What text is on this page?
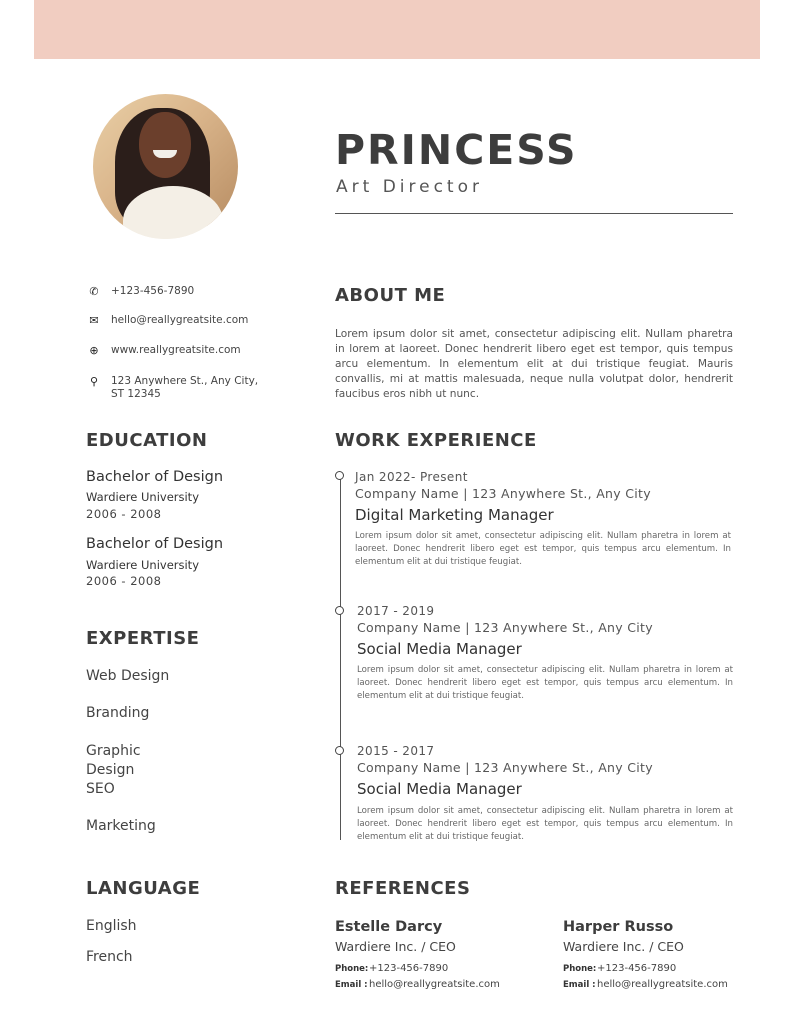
PRINCESS
Art Director
✆ +123-456-7890
✉ hello@reallygreatsite.com
⊕ www.reallygreatsite.com
⚲ 123 Anywhere St., Any City, ST 12345
ABOUT ME
Lorem ipsum dolor sit amet, consectetur adipiscing elit. Nullam pharetra in lorem at laoreet. Donec hendrerit libero eget est tempor, quis tempus arcu elementum. In elementum elit at dui tristique feugiat. Mauris convallis, mi at mattis malesuada, neque nulla volutpat dolor, hendrerit faucibus eros nibh ut nunc.
EDUCATION
Bachelor of Design
Wardiere University
2006 - 2008
Bachelor of Design
Wardiere University
2006 - 2008
EXPERTISE
Web Design
Branding
Graphic Design
SEO
Marketing
LANGUAGE
English
French
WORK EXPERIENCE
Jan 2022- Present
Company Name | 123 Anywhere St., Any City
Digital Marketing Manager
Lorem ipsum dolor sit amet, consectetur adipiscing elit. Nullam pharetra in lorem at laoreet. Donec hendrerit libero eget est tempor, quis tempus arcu elementum. In elementum elit at dui tristique feugiat.
2017 - 2019
Company Name | 123 Anywhere St., Any City
Social Media Manager
Lorem ipsum dolor sit amet, consectetur adipiscing elit. Nullam pharetra in lorem at laoreet. Donec hendrerit libero eget est tempor, quis tempus arcu elementum. In elementum elit at dui tristique feugiat.
2015 - 2017
Company Name | 123 Anywhere St., Any City
Social Media Manager
Lorem ipsum dolor sit amet, consectetur adipiscing elit. Nullam pharetra in lorem at laoreet. Donec hendrerit libero eget est tempor, quis tempus arcu elementum. In elementum elit at dui tristique feugiat.
REFERENCES
Estelle Darcy
Wardiere Inc. / CEO
Phone:+123-456-7890
Email :hello@reallygreatsite.com
Harper Russo
Wardiere Inc. / CEO
Phone:+123-456-7890
Email :hello@reallygreatsite.com
